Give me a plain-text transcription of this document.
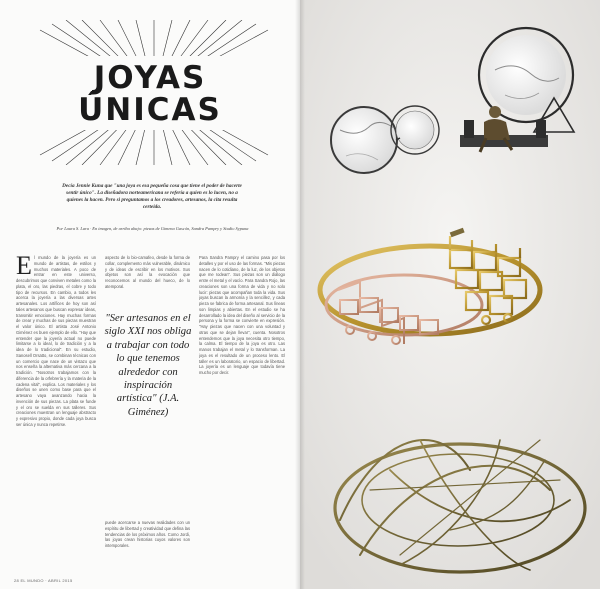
JOYAS
ÚNICAS
Decía Jennie Kuna que "una joya es esa pequeña cosa que tiene el poder de hacerte sentir único". La diseñadora norteamericana se refería a quien es lo lucen, no a quienes la hacen. Pero si preguntamos a los creadores, artesanos, la cita resulta certeida.
Por Laura S. Lara · En imagen, de arriba abajo: piezas de Gimena Gascón, Sandra Pampry y Studio Sypuna
E l mundo de la joyería es un mundo de artistas, de estilos y muchos materiales. A poco de entrar en este universo, descubrimos que conviven metales como la plata, el oro, las piedras, el cobre y todo tipo de recursos. En cambio, a todos les acerca la joyería a las diversas artes artesanales. Los artífices de hoy son así tales artesanos que buscan expresar ideas, transmitir emociones. Hay muchas formas de crear y muchas de sus piezas muestran el valor único. El artista José Antonio Giménez es buen ejemplo de ello. "Hay que entender que la joyería actual no puede limitarse a lo ideal, lo de tradición y a la idea de lo tradicional". En su estudio, Sanosell Orsatto, se combinan técnicas con un comercio que nace de un vistazo que nos enseña la alternativa más cercana a la tradición. "Nosotros trabajamos con la diferencia de la orfebrería y la materia de la cadena vital", explica. Los materiales y los diseños se unen como base para que el artesano vaya avanzando hacia la invención de sus piezas. La plata se funde y el oro se suelda en sus talleres. Sus creaciones muestran un lenguaje abstracto y expresivo propio, donde cada joya busca ser única y nunca repetirse.
aspecto de lo bio-camafeo, desde la forma de collar, complemento más vulnerable, dinámico y de ideas de escribir en los motivos. Sus objetos son así la evocación que reconocemos al mundo del hueco, de lo atemporal.
"Ser artesanos en el siglo XXI nos obliga a trabajar con todo lo que tenemos alrededor con inspiración artística" (J.A. Giménez)
puede acercarse a nuevas realidades con un espíritu de libertad y creatividad que defina las tendencias de los próximos años. Como Jordi, las joyas crean historias cuyos valores son intemporales.
Para Sandra Pampry el camino pasa por los detalles y por el uso de las formas. "Mis piezas nacen de lo cotidiano, de la luz, de los objetos que me rodean". Sus piezas son un diálogo entre el metal y el vacío. Para Sandra Rojo, las creaciones son una forma de vida y no solo lucir: piezas que acompañan toda la vida. Sus joyas buscan la armonía y la sencillez, y cada pieza se fabrica de forma artesanal. Sus líneas son limpias y abiertas. En el estudio se ha desarrollado la idea del diseño al servicio de la persona y la forma se convierte en expresión. "Hay piezas que nacen con una voluntad y otras que se dejan llevar", cuenta. Nosotros entendemos que la joya necesita otro tiempo, la calma. El tiempo de la joya es otro. Las manos trabajan el metal y lo transforman. La joya es el resultado de un proceso lento. El taller es un laboratorio, un espacio de libertad. La joyería es un lenguaje que todavía tiene mucho por decir.
28 EL MUNDO · ABRIL 2015
